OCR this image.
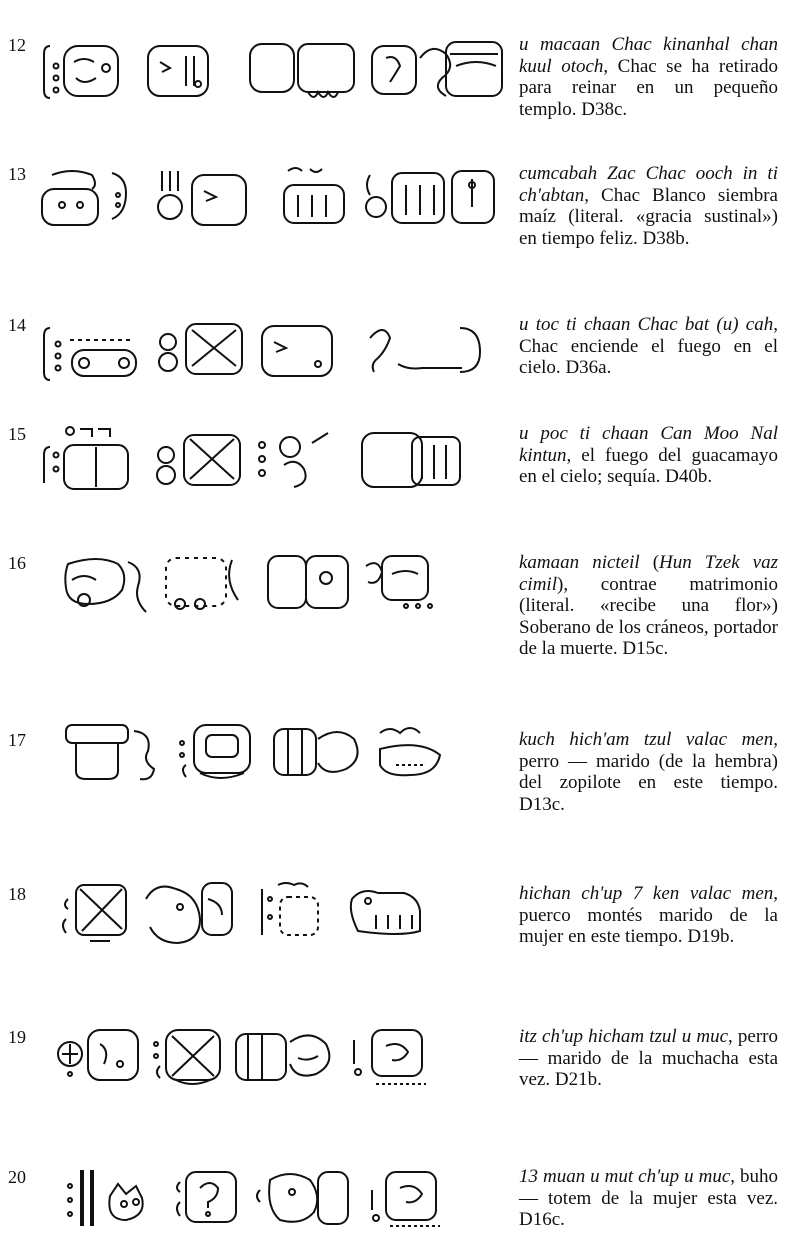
12	u macaan Chac kinanhal chan kuul otoch, Chac se ha retirado para reinar en un pequeño templo. D38c.
13	cumcabah Zac Chac ooch in ti ch'abtan, Chac Blanco siembra maíz (literal. «gracia sustinal») en tiempo feliz. D38b.
14	u toc ti chaan Chac bat (u) cah, Chac enciende el fuego en el cielo. D36a.
15	u poc ti chaan Can Moo Nal kintun, el fuego del guacamayo en el cielo; sequía. D40b.
16	kamaan nicteil (Hun Tzek vaz cimil), contrae matrimonio (literal. «recibe una flor») Soberano de los cráneos, portador de la muerte. D15c.
17	kuch hich'am tzul valac men, perro — marido (de la hembra) del zopilote en este tiempo. D13c.
18	hichan ch'up 7 ken valac men, puerco montés marido de la mujer en este tiempo. D19b.
19	itz ch'up hicham tzul u muc, perro — marido de la muchacha esta vez. D21b.
20	13 muan u mut ch'up u muc, buho — totem de la mujer esta vez. D16c.
